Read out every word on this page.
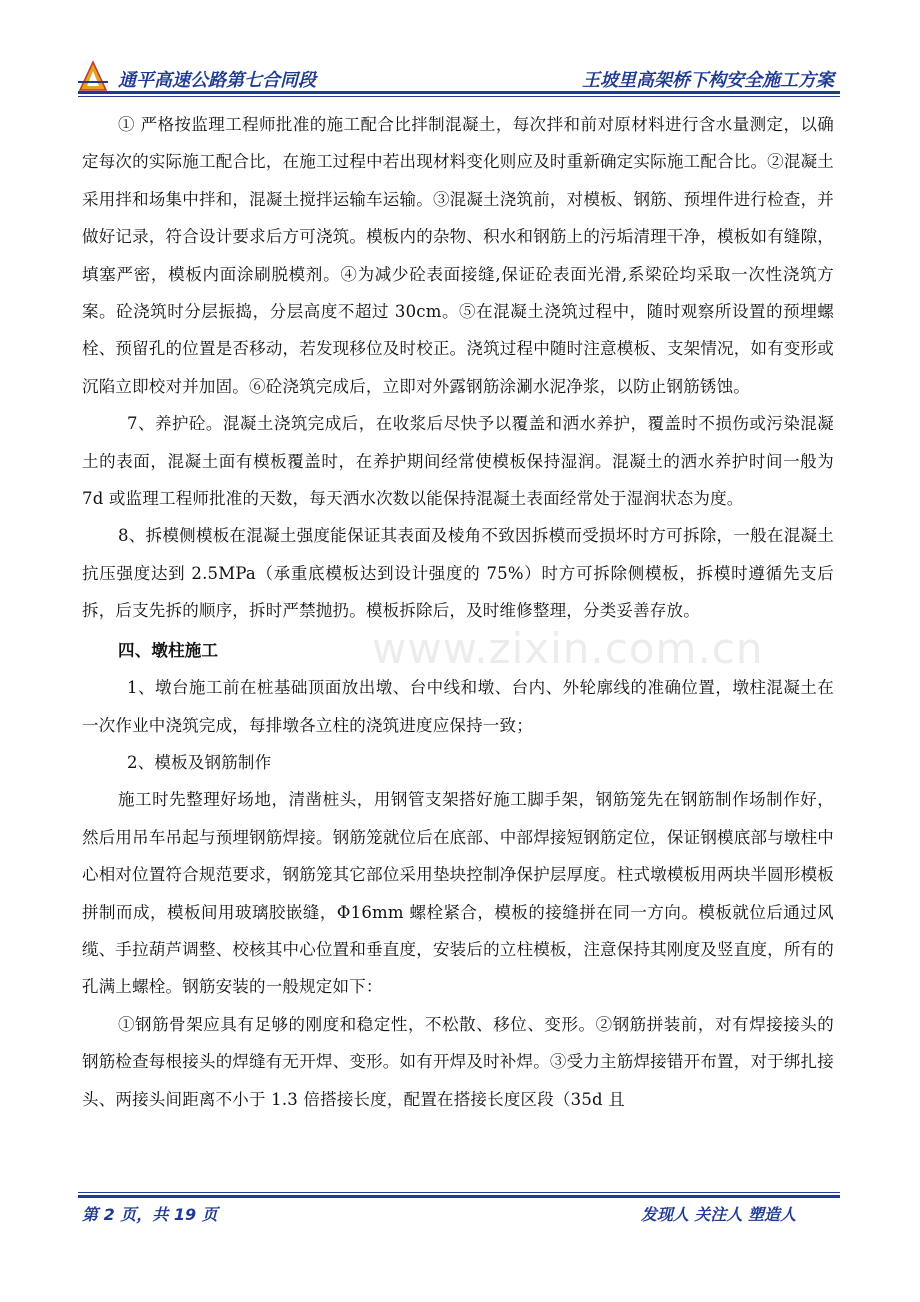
通平高速公路第七合同段	王坡里高架桥下构安全施工方案
www.zixin.com.cn

① 严格按监理工程师批准的施工配合比拌制混凝土，每次拌和前对原材料进行含水量测定，以确定每次的实际施工配合比，在施工过程中若出现材料变化则应及时重新确定实际施工配合比。②混凝土采用拌和场集中拌和，混凝土搅拌运输车运输。③混凝土浇筑前，对模板、钢筋、预埋件进行检查，并做好记录，符合设计要求后方可浇筑。模板内的杂物、积水和钢筋上的污垢清理干净，模板如有缝隙，填塞严密，模板内面涂刷脱模剂。④为减少砼表面接缝,保证砼表面光滑,系梁砼均采取一次性浇筑方案。砼浇筑时分层振捣，分层高度不超过 30cm。⑤在混凝土浇筑过程中，随时观察所设置的预埋螺栓、预留孔的位置是否移动，若发现移位及时校正。浇筑过程中随时注意模板、支架情况，如有变形或沉陷立即校对并加固。⑥砼浇筑完成后，立即对外露钢筋涂涮水泥净浆，以防止钢筋锈蚀。

7、养护砼。混凝土浇筑完成后，在收浆后尽快予以覆盖和洒水养护，覆盖时不损伤或污染混凝土的表面，混凝土面有模板覆盖时，在养护期间经常使模板保持湿润。混凝土的洒水养护时间一般为 7d 或监理工程师批准的天数，每天洒水次数以能保持混凝土表面经常处于湿润状态为度。

8、拆模侧模板在混凝土强度能保证其表面及棱角不致因拆模而受损坏时方可拆除，一般在混凝土抗压强度达到 2.5MPa（承重底模板达到设计强度的 75%）时方可拆除侧模板，拆模时遵循先支后拆，后支先拆的顺序，拆时严禁抛扔。模板拆除后，及时维修整理，分类妥善存放。

四、墩柱施工

1、墩台施工前在桩基础顶面放出墩、台中线和墩、台内、外轮廓线的准确位置，墩柱混凝土在一次作业中浇筑完成，每排墩各立柱的浇筑进度应保持一致；

2、模板及钢筋制作

施工时先整理好场地，清凿桩头，用钢管支架搭好施工脚手架，钢筋笼先在钢筋制作场制作好，然后用吊车吊起与预埋钢筋焊接。钢筋笼就位后在底部、中部焊接短钢筋定位，保证钢模底部与墩柱中心相对位置符合规范要求，钢筋笼其它部位采用垫块控制净保护层厚度。柱式墩模板用两块半圆形模板拼制而成，模板间用玻璃胶嵌缝，Φ16mm 螺栓紧合，模板的接缝拼在同一方向。模板就位后通过风缆、手拉葫芦调整、校核其中心位置和垂直度，安装后的立柱模板，注意保持其刚度及竖直度，所有的孔满上螺栓。钢筋安装的一般规定如下：

①钢筋骨架应具有足够的刚度和稳定性，不松散、移位、变形。②钢筋拼装前，对有焊接接头的钢筋检查每根接头的焊缝有无开焊、变形。如有开焊及时补焊。③受力主筋焊接错开布置，对于绑扎接头、两接头间距离不小于 1.3 倍搭接长度，配置在搭接长度区段（35d 且

第 2 页，共 19 页	发现人 关注人 塑造人
